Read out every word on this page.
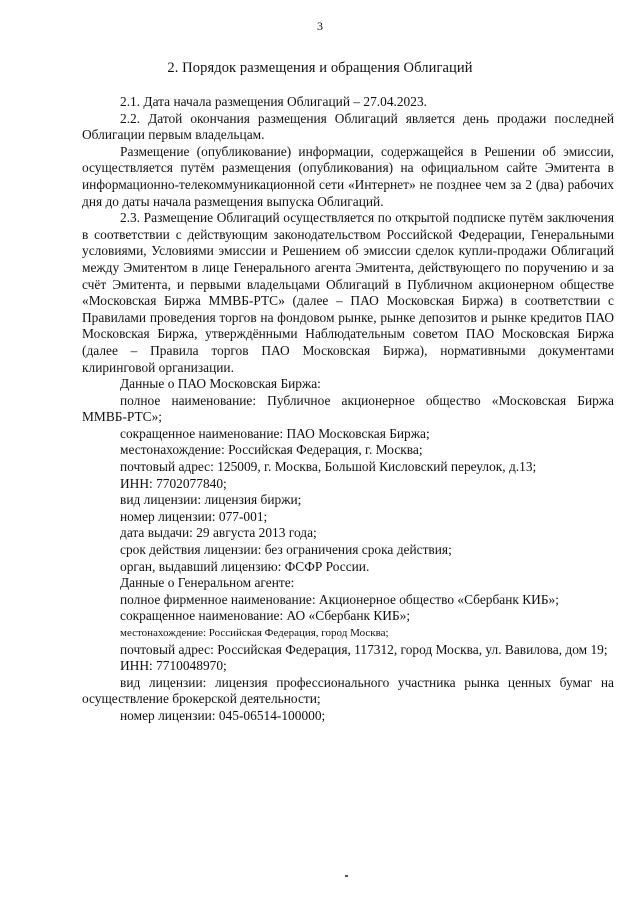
3
2. Порядок размещения и обращения Облигаций

2.1. Дата начала размещения Облигаций – 27.04.2023.

2.2. Датой окончания размещения Облигаций является день продажи последней Облигации первым владельцам.

Размещение (опубликование) информации, содержащейся в Решении об эмиссии, осуществляется путём размещения (опубликования) на официальном сайте Эмитента в информационно-телекоммуникационной сети «Интернет» не позднее чем за 2 (два) рабочих дня до даты начала размещения выпуска Облигаций.

2.3. Размещение Облигаций осуществляется по открытой подписке путём заключения в соответствии с действующим законодательством Российской Федерации, Генеральными условиями, Условиями эмиссии и Решением об эмиссии сделок купли-продажи Облигаций между Эмитентом в лице Генерального агента Эмитента, действующего по поручению и за счёт Эмитента, и первыми владельцами Облигаций в Публичном акционерном обществе «Московская Биржа ММВБ-РТС» (далее – ПАО Московская Биржа) в соответствии с Правилами проведения торгов на фондовом рынке, рынке депозитов и рынке кредитов ПАО Московская Биржа, утверждёнными Наблюдательным советом ПАО Московская Биржа (далее – Правила торгов ПАО Московская Биржа), нормативными документами клиринговой организации.

Данные о ПАО Московская Биржа:

полное наименование: Публичное акционерное общество «Московская Биржа ММВБ-РТС»;

сокращенное наименование: ПАО Московская Биржа;

местонахождение: Российская Федерация, г. Москва;

почтовый адрес: 125009, г. Москва, Большой Кисловский переулок, д.13;

ИНН: 7702077840;

вид лицензии: лицензия биржи;

номер лицензии: 077-001;

дата выдачи: 29 августа 2013 года;

срок действия лицензии: без ограничения срока действия;

орган, выдавший лицензию: ФСФР России.

Данные о Генеральном агенте:

полное фирменное наименование: Акционерное общество «Сбербанк КИБ»;

сокращенное наименование: АО «Сбербанк КИБ»;

местонахождение: Российская Федерация, город Москва;

почтовый адрес: Российская Федерация, 117312, город Москва, ул. Вавилова, дом 19;

ИНН: 7710048970;

вид лицензии: лицензия профессионального участника рынка ценных бумаг на осуществление брокерской деятельности;

номер лицензии: 045-06514-100000;
